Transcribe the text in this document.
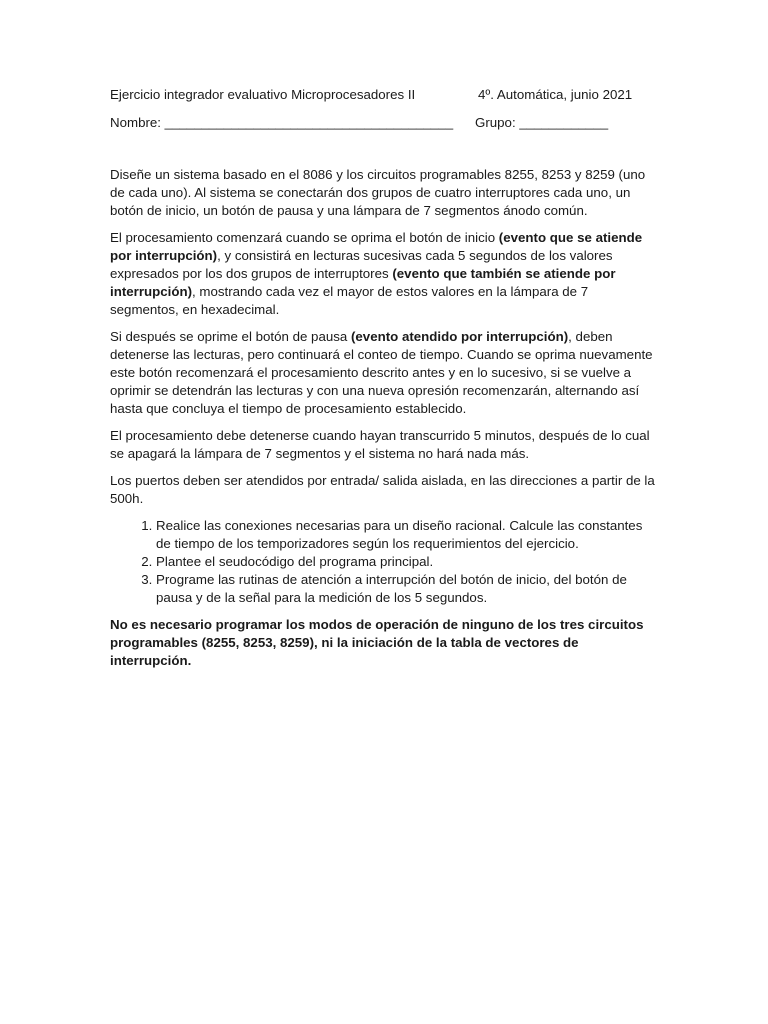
Ejercicio integrador evaluativo Microprocesadores II	4º. Automática, junio 2021
Nombre: _______________________________________ Grupo: ____________

Diseñe un sistema basado en el 8086 y los circuitos programables 8255, 8253 y 8259 (uno de cada uno). Al sistema se conectarán dos grupos de cuatro interruptores cada uno, un botón de inicio, un botón de pausa y una lámpara de 7 segmentos ánodo común.

El procesamiento comenzará cuando se oprima el botón de inicio (evento que se atiende por interrupción), y consistirá en lecturas sucesivas cada 5 segundos de los valores expresados por los dos grupos de interruptores (evento que también se atiende por interrupción), mostrando cada vez el mayor de estos valores en la lámpara de 7 segmentos, en hexadecimal.

Si después se oprime el botón de pausa (evento atendido por interrupción), deben detenerse las lecturas, pero continuará el conteo de tiempo. Cuando se oprima nuevamente este botón recomenzará el procesamiento descrito antes y en lo sucesivo, si se vuelve a oprimir se detendrán las lecturas y con una nueva opresión recomenzarán, alternando así hasta que concluya el tiempo de procesamiento establecido.

El procesamiento debe detenerse cuando hayan transcurrido 5 minutos, después de lo cual se apagará la lámpara de 7 segmentos y el sistema no hará nada más.

Los puertos deben ser atendidos por entrada/ salida aislada, en las direcciones a partir de la 500h.

1. Realice las conexiones necesarias para un diseño racional. Calcule las constantes de tiempo de los temporizadores según los requerimientos del ejercicio.
2. Plantee el seudocódigo del programa principal.
3. Programe las rutinas de atención a interrupción del botón de inicio, del botón de pausa y de la señal para la medición de los 5 segundos.

No es necesario programar los modos de operación de ninguno de los tres circuitos programables (8255, 8253, 8259), ni la iniciación de la tabla de vectores de interrupción.
